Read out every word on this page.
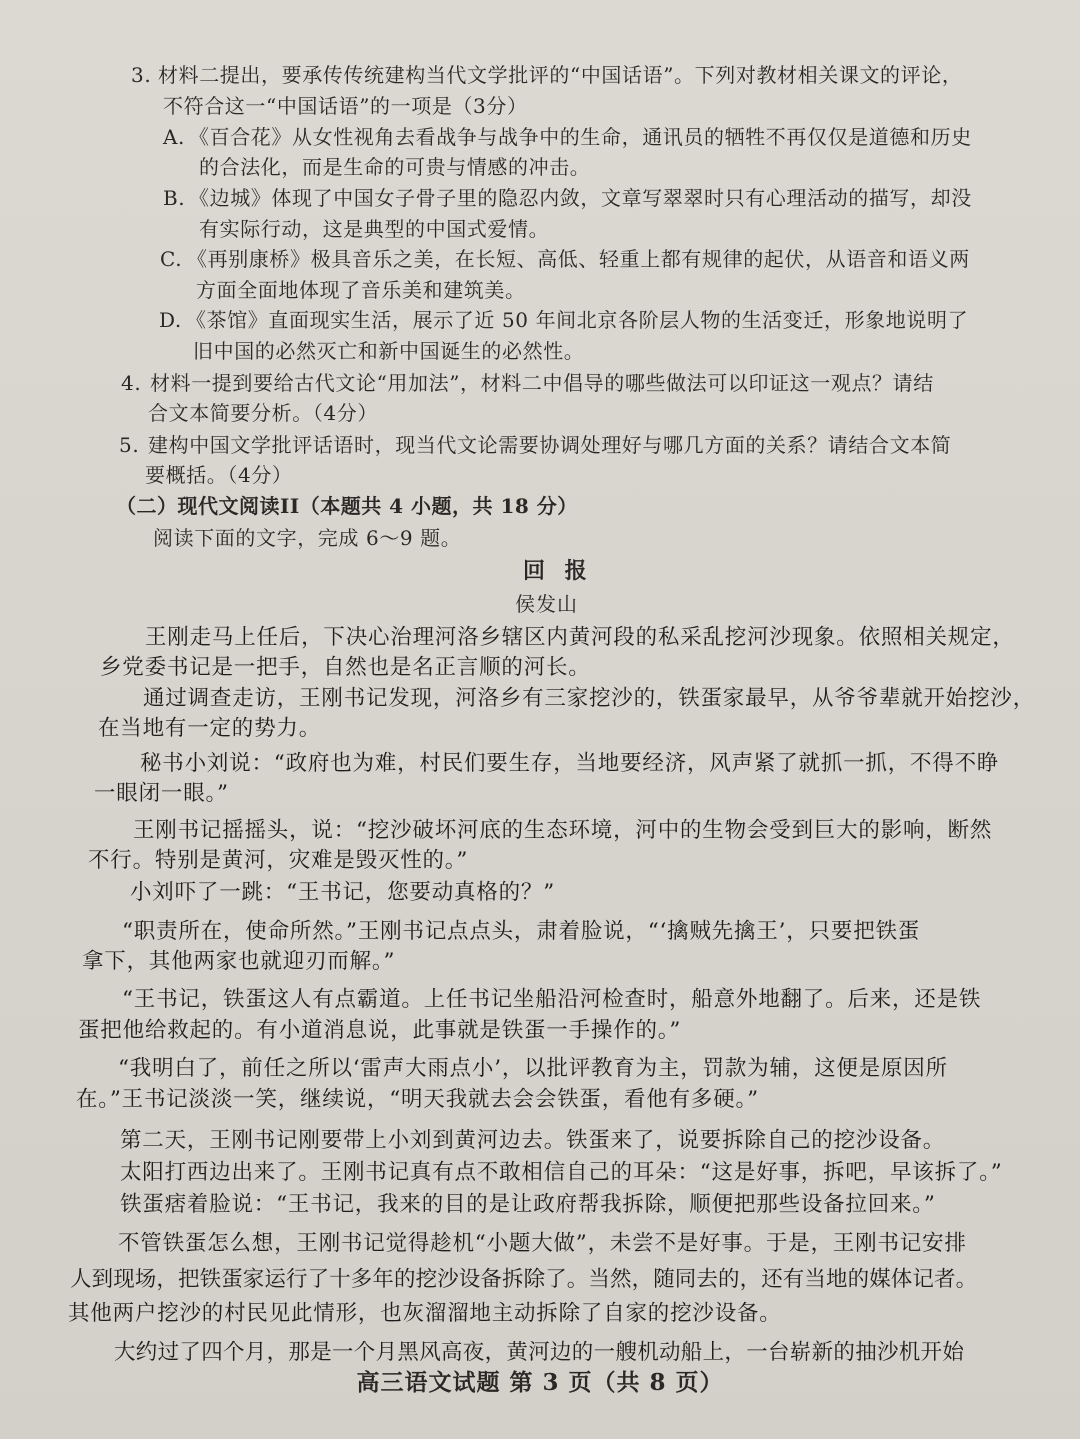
3. 材料二提出，要承传传统建构当代文学批评的“中国话语”。下列对教材相关课文的评论，
不符合这一“中国话语”的一项是（3分）
A. 《百合花》从女性视角去看战争与战争中的生命，通讯员的牺牲不再仅仅是道德和历史
的合法化，而是生命的可贵与情感的冲击。
B. 《边城》体现了中国女子骨子里的隐忍内敛，文章写翠翠时只有心理活动的描写，却没
有实际行动，这是典型的中国式爱情。
C. 《再别康桥》极具音乐之美，在长短、高低、轻重上都有规律的起伏，从语音和语义两
方面全面地体现了音乐美和建筑美。
D. 《茶馆》直面现实生活，展示了近 50 年间北京各阶层人物的生活变迁，形象地说明了
旧中国的必然灭亡和新中国诞生的必然性。
4. 材料一提到要给古代文论“用加法”，材料二中倡导的哪些做法可以印证这一观点？请结
合文本简要分析。（4分）
5. 建构中国文学批评话语时，现当代文论需要协调处理好与哪几方面的关系？请结合文本简
要概括。（4分）
（二）现代文阅读II（本题共 4 小题，共 18 分）
阅读下面的文字，完成 6～9 题。
回 报
侯发山
王刚走马上任后，下决心治理河洛乡辖区内黄河段的私采乱挖河沙现象。依照相关规定，
乡党委书记是一把手，自然也是名正言顺的河长。
通过调查走访，王刚书记发现，河洛乡有三家挖沙的，铁蛋家最早，从爷爷辈就开始挖沙，
在当地有一定的势力。
秘书小刘说：“政府也为难，村民们要生存，当地要经济，风声紧了就抓一抓，不得不睁
一眼闭一眼。”
王刚书记摇摇头，说：“挖沙破坏河底的生态环境，河中的生物会受到巨大的影响，断然
不行。特别是黄河，灾难是毁灭性的。”
小刘吓了一跳：“王书记，您要动真格的？”
“职责所在，使命所然。”王刚书记点点头，肃着脸说，“‘擒贼先擒王’，只要把铁蛋
拿下，其他两家也就迎刃而解。”
“王书记，铁蛋这人有点霸道。上任书记坐船沿河检查时，船意外地翻了。后来，还是铁
蛋把他给救起的。有小道消息说，此事就是铁蛋一手操作的。”
“我明白了，前任之所以‘雷声大雨点小’，以批评教育为主，罚款为辅，这便是原因所
在。”王书记淡淡一笑，继续说，“明天我就去会会铁蛋，看他有多硬。”
第二天，王刚书记刚要带上小刘到黄河边去。铁蛋来了，说要拆除自己的挖沙设备。
太阳打西边出来了。王刚书记真有点不敢相信自己的耳朵：“这是好事，拆吧，早该拆了。”
铁蛋痞着脸说：“王书记，我来的目的是让政府帮我拆除，顺便把那些设备拉回来。”
不管铁蛋怎么想，王刚书记觉得趁机“小题大做”，未尝不是好事。于是，王刚书记安排
人到现场，把铁蛋家运行了十多年的挖沙设备拆除了。当然，随同去的，还有当地的媒体记者。
其他两户挖沙的村民见此情形，也灰溜溜地主动拆除了自家的挖沙设备。
大约过了四个月，那是一个月黑风高夜，黄河边的一艘机动船上，一台崭新的抽沙机开始
高三语文试题 第 3 页（共 8 页）
